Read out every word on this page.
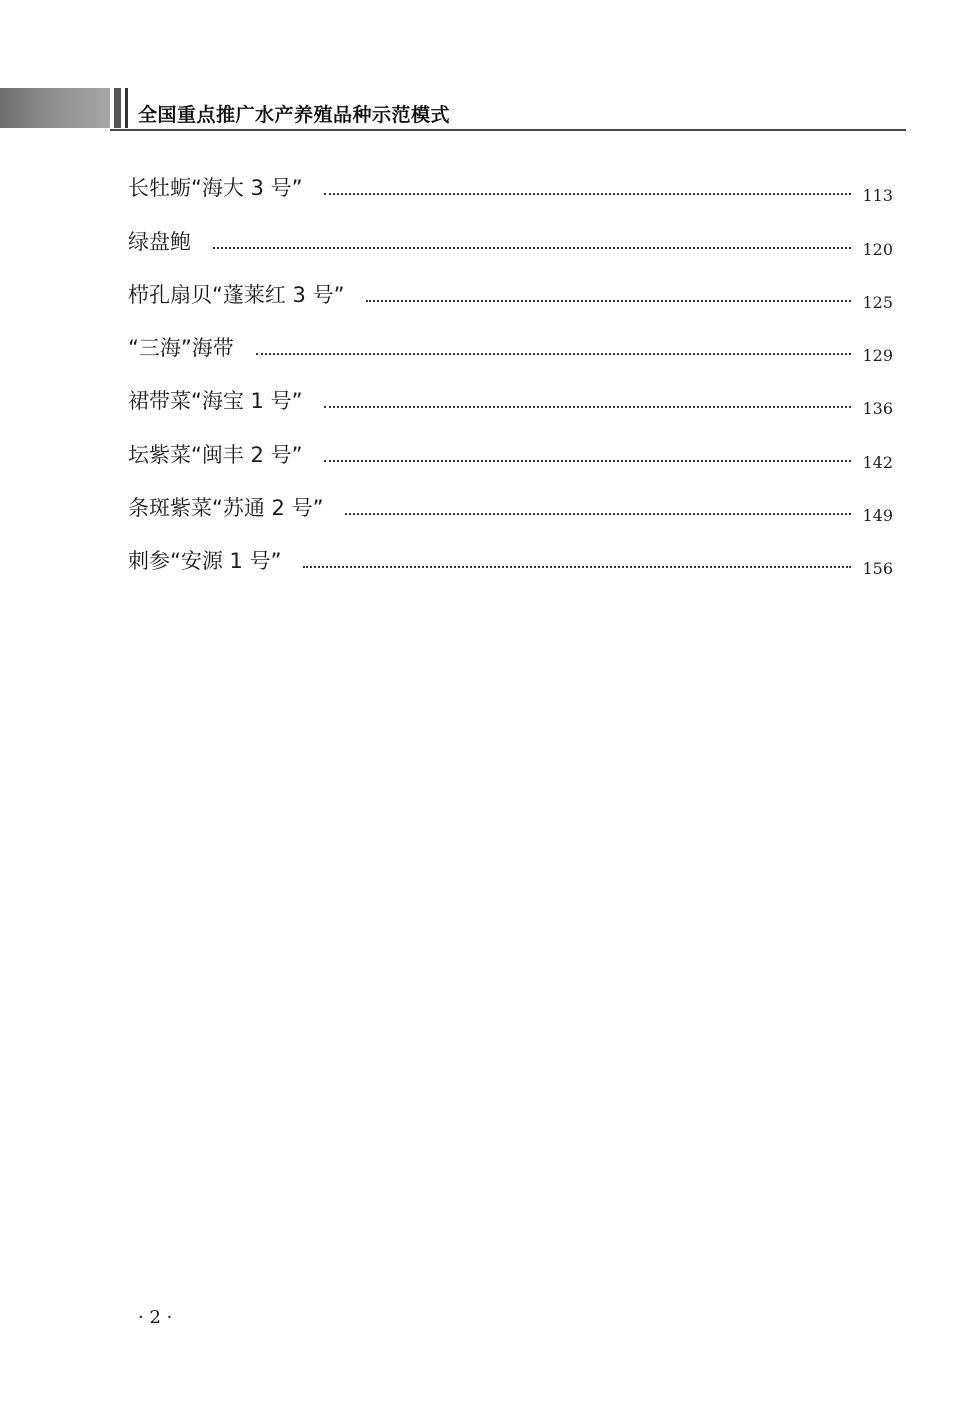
全国重点推广水产养殖品种示范模式
长牡蛎“海大 3 号”	113
绿盘鲍	120
栉孔扇贝“蓬莱红 3 号”	125
“三海”海带	129
裙带菜“海宝 1 号”	136
坛紫菜“闽丰 2 号”	142
条斑紫菜“苏通 2 号”	149
刺参“安源 1 号”	156
· 2 ·
